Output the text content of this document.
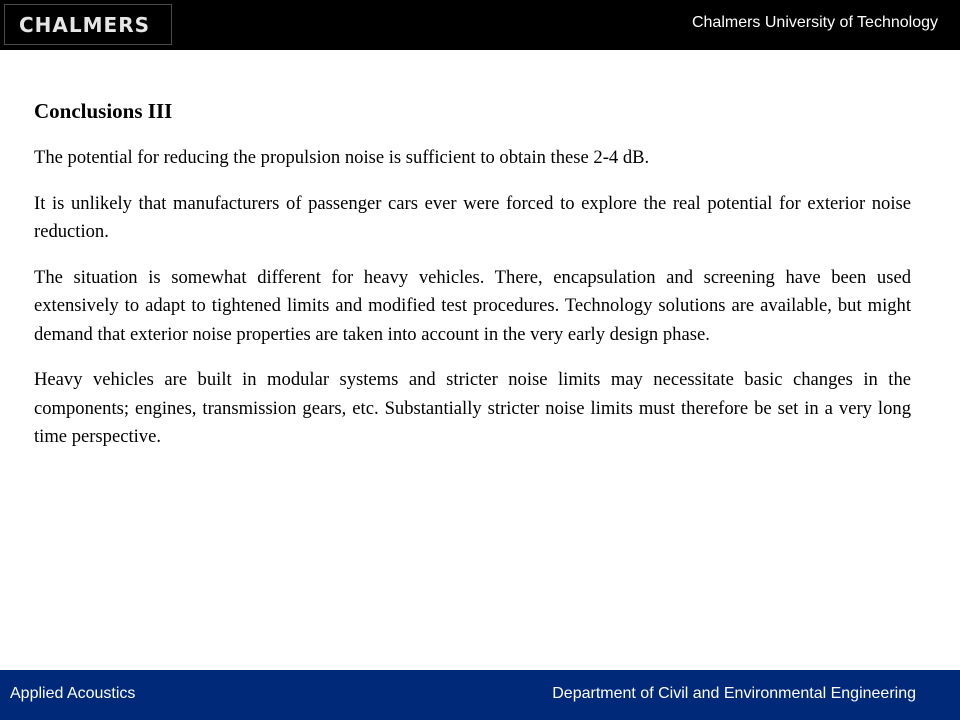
CHALMERS	Chalmers University of Technology
Conclusions III

The potential for reducing the propulsion noise is sufficient to obtain these 2-4 dB.

It is unlikely that manufacturers of passenger cars ever were forced to explore the real potential for exterior noise reduction.

The situation is somewhat different for heavy vehicles. There, encapsulation and screening have been used extensively to adapt to tightened limits and modified test procedures. Technology solutions are available, but might demand that exterior noise properties are taken into account in the very early design phase.

Heavy vehicles are built in modular systems and stricter noise limits may necessitate basic changes in the components; engines, transmission gears, etc. Substantially stricter noise limits must therefore be set in a very long time perspective.

Applied Acoustics	Department of Civil and Environmental Engineering
